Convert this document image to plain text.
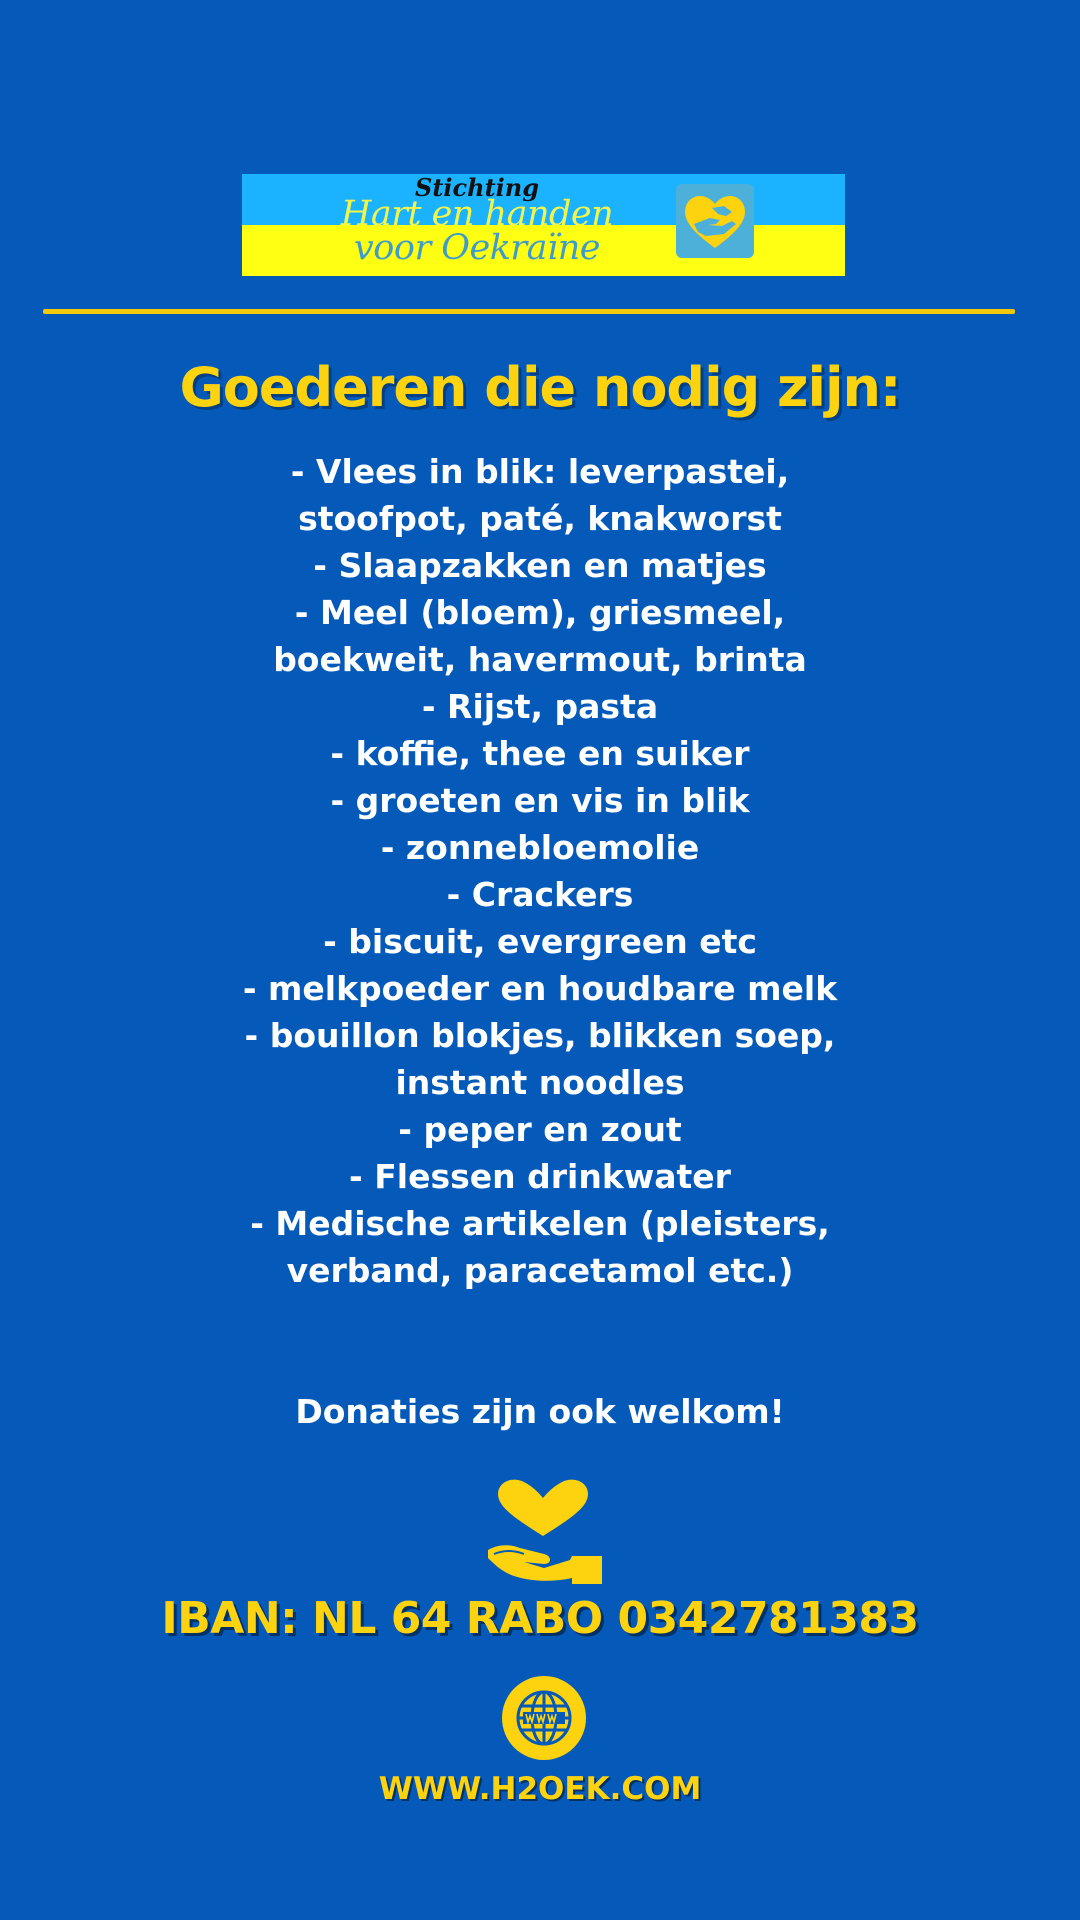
Stichting
Hart en handen
voor Oekraïne
Goederen die nodig zijn:
- Vlees in blik: leverpastei,
stoofpot, paté, knakworst
- Slaapzakken en matjes
- Meel (bloem), griesmeel,
boekweit, havermout, brinta
- Rijst, pasta
- koffie, thee en suiker
- groeten en vis in blik
- zonnebloemolie
- Crackers
- biscuit, evergreen etc
- melkpoeder en houdbare melk
- bouillon blokjes, blikken soep,
instant noodles
- peper en zout
- Flessen drinkwater
- Medische artikelen (pleisters,
verband, paracetamol etc.)
Donaties zijn ook welkom!
IBAN: NL 64 RABO 0342781383
WWW.H2OEK.COM
